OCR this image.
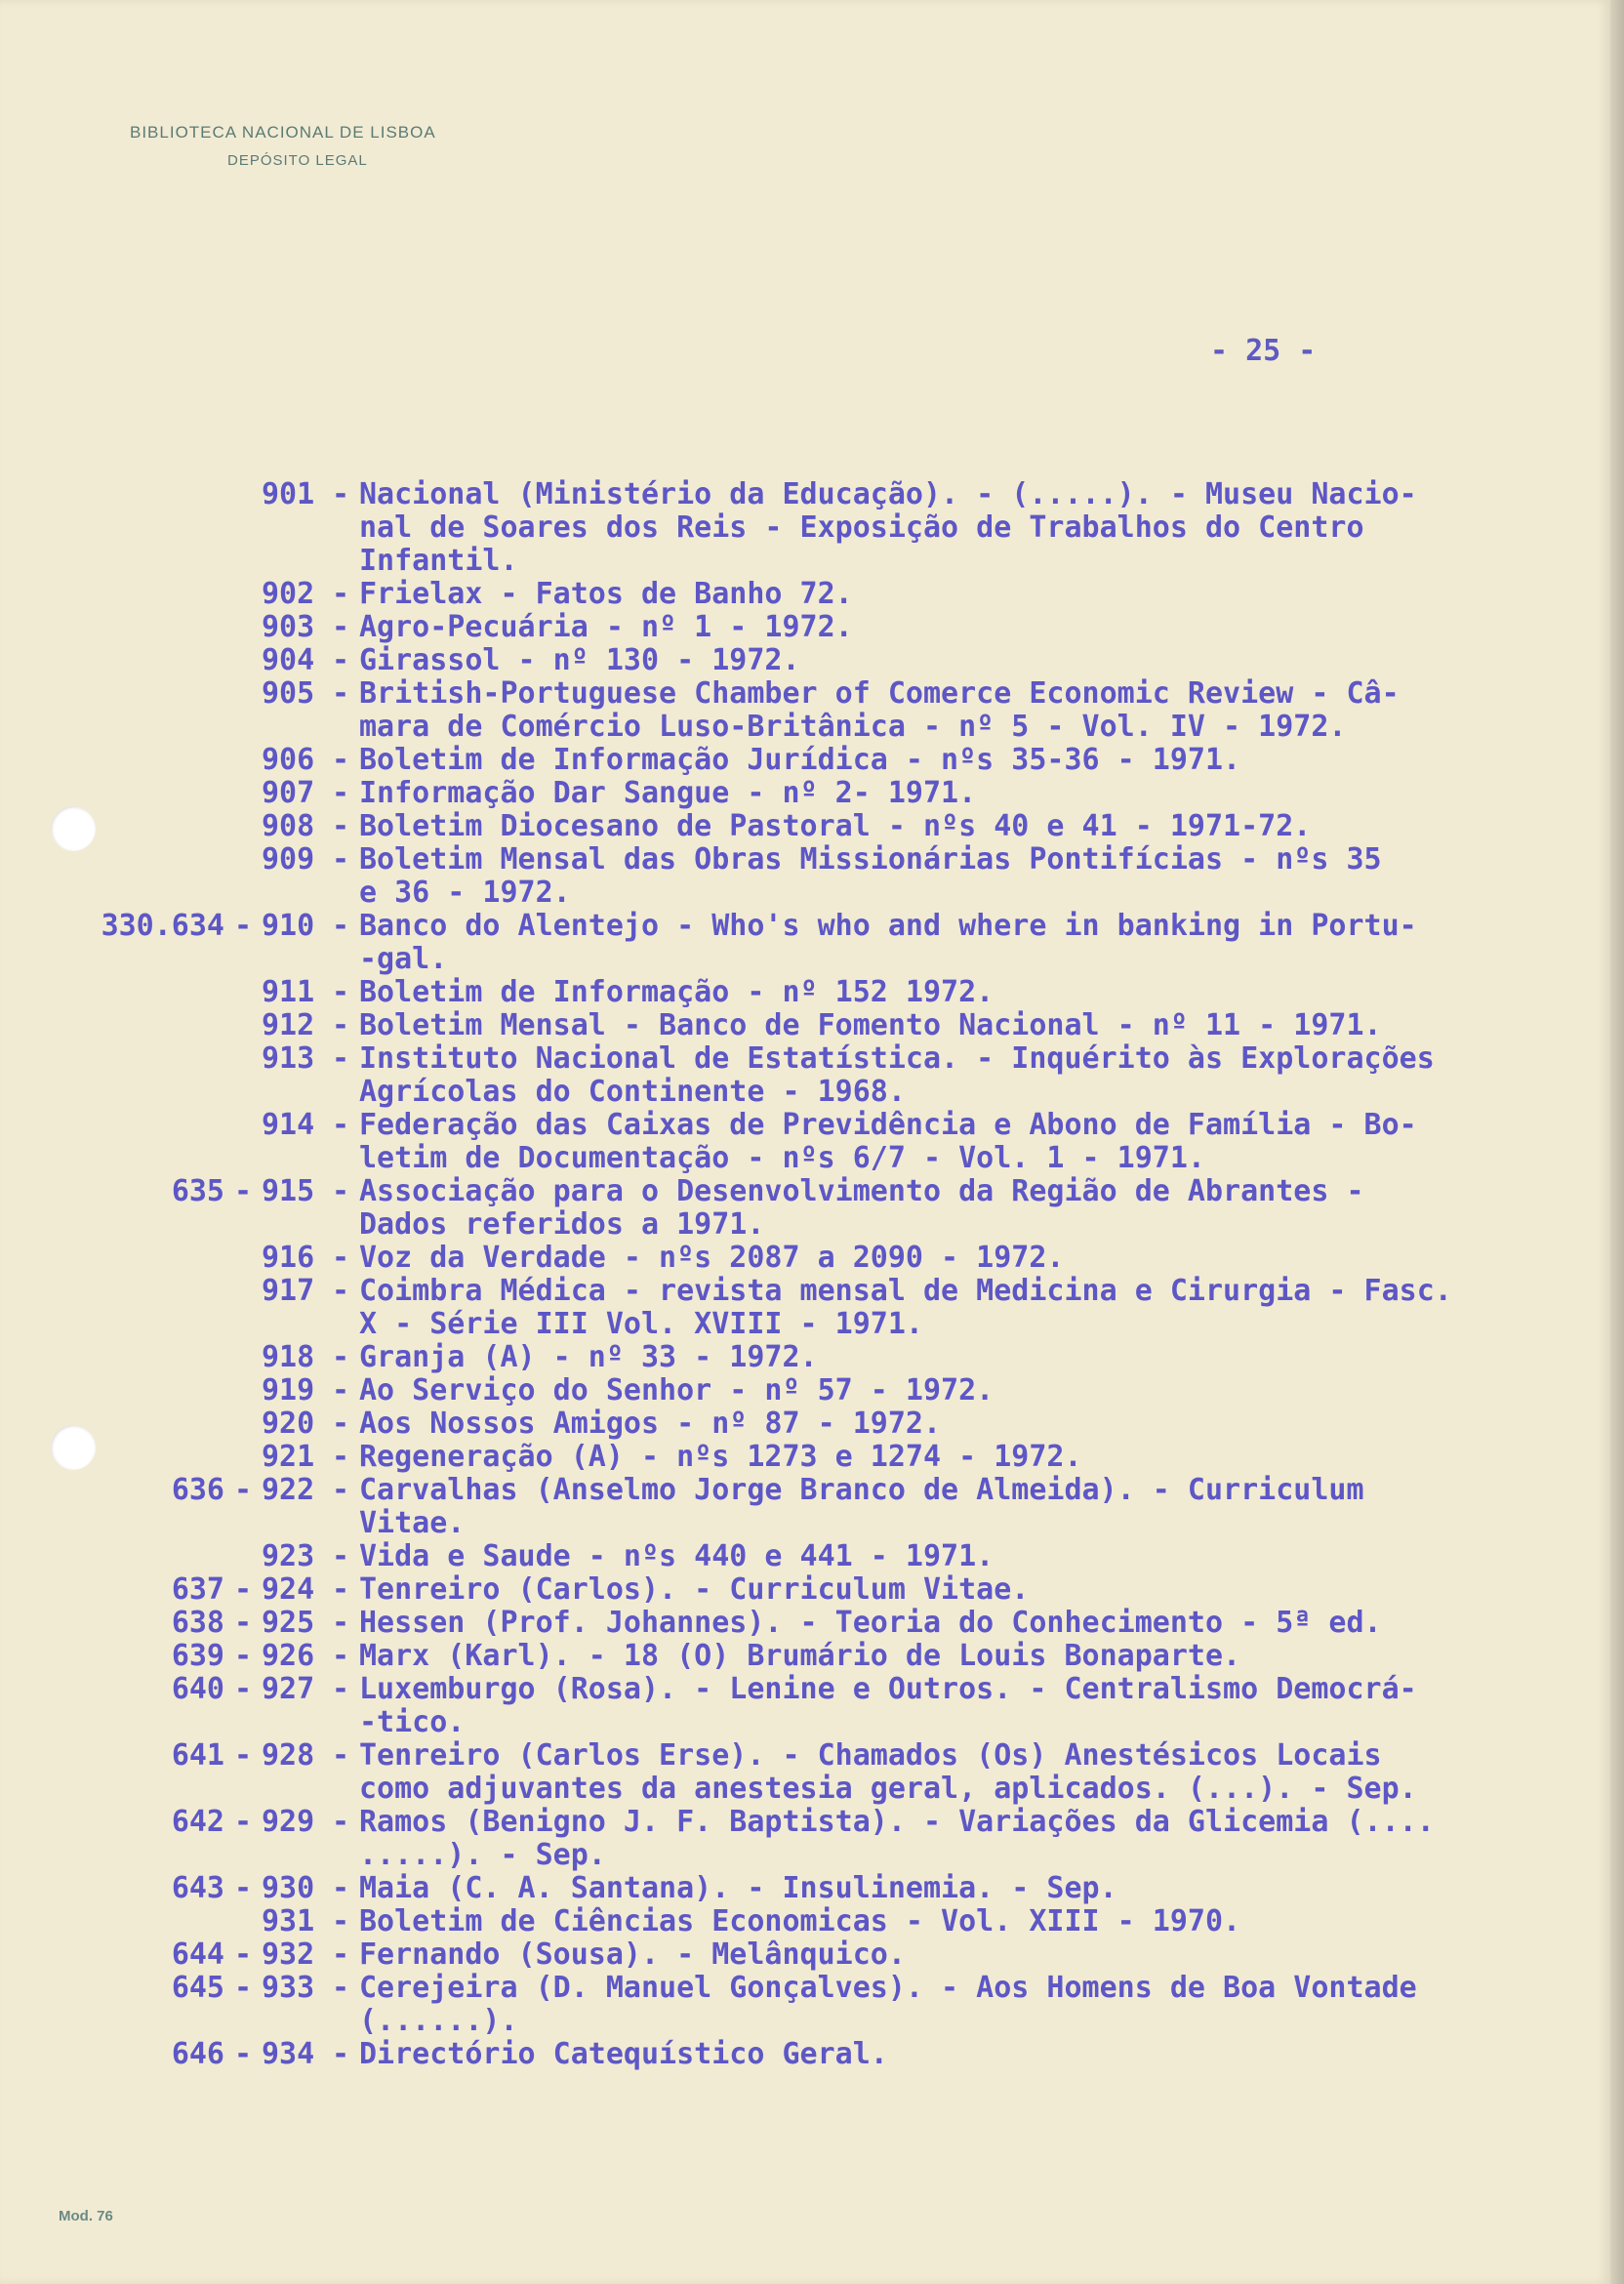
BIBLIOTECA NACIONAL DE LISBOA

DEPÓSITO LEGAL

- 25 -
901 - Nacional (Ministério da Educação). - (.....). - Museu Nacio-
nal de Soares dos Reis - Exposição de Trabalhos do Centro
Infantil.
902 - Frielax - Fatos de Banho 72.
903 - Agro-Pecuária - nº 1 - 1972.
904 - Girassol - nº 130 - 1972.
905 - British-Portuguese Chamber of Comerce Economic Review - Câ-
mara de Comércio Luso-Britânica - nº 5 - Vol. IV - 1972.
906 - Boletim de Informação Jurídica - nºs 35-36 - 1971.
907 - Informação Dar Sangue - nº 2- 1971.
908 - Boletim Diocesano de Pastoral - nºs 40 e 41 - 1971-72.
909 - Boletim Mensal das Obras Missionárias Pontifícias - nºs 35
e 36 - 1972.
330.634 - 910 - Banco do Alentejo - Who's who and where in banking in Portu-
-gal.
911 - Boletim de Informação - nº 152 1972.
912 - Boletim Mensal - Banco de Fomento Nacional - nº 11 - 1971.
913 - Instituto Nacional de Estatística. - Inquérito às Explorações
Agrícolas do Continente - 1968.
914 - Federação das Caixas de Previdência e Abono de Família - Bo-
letim de Documentação - nºs 6/7 - Vol. 1 - 1971.
635 - 915 - Associação para o Desenvolvimento da Região de Abrantes -
Dados referidos a 1971.
916 - Voz da Verdade - nºs 2087 a 2090 - 1972.
917 - Coimbra Médica - revista mensal de Medicina e Cirurgia - Fasc.
X - Série III Vol. XVIII - 1971.
918 - Granja (A) - nº 33 - 1972.
919 - Ao Serviço do Senhor - nº 57 - 1972.
920 - Aos Nossos Amigos - nº 87 - 1972.
921 - Regeneração (A) - nºs 1273 e 1274 - 1972.
636 - 922 - Carvalhas (Anselmo Jorge Branco de Almeida). - Curriculum
Vitae.
923 - Vida e Saude - nºs 440 e 441 - 1971.
637 - 924 - Tenreiro (Carlos). - Curriculum Vitae.
638 - 925 - Hessen (Prof. Johannes). - Teoria do Conhecimento - 5ª ed.
639 - 926 - Marx (Karl). - 18 (O) Brumário de Louis Bonaparte.
640 - 927 - Luxemburgo (Rosa). - Lenine e Outros. - Centralismo Democrá-
-tico.
641 - 928 - Tenreiro (Carlos Erse). - Chamados (Os) Anestésicos Locais
como adjuvantes da anestesia geral, aplicados. (...). - Sep.
642 - 929 - Ramos (Benigno J. F. Baptista). - Variações da Glicemia (....
.....). - Sep.
643 - 930 - Maia (C. A. Santana). - Insulinemia. - Sep.
931 - Boletim de Ciências Economicas - Vol. XIII - 1970.
644 - 932 - Fernando (Sousa). - Melânquico.
645 - 933 - Cerejeira (D. Manuel Gonçalves). - Aos Homens de Boa Vontade
(......).
646 - 934 - Directório Catequístico Geral.
Mod. 76
